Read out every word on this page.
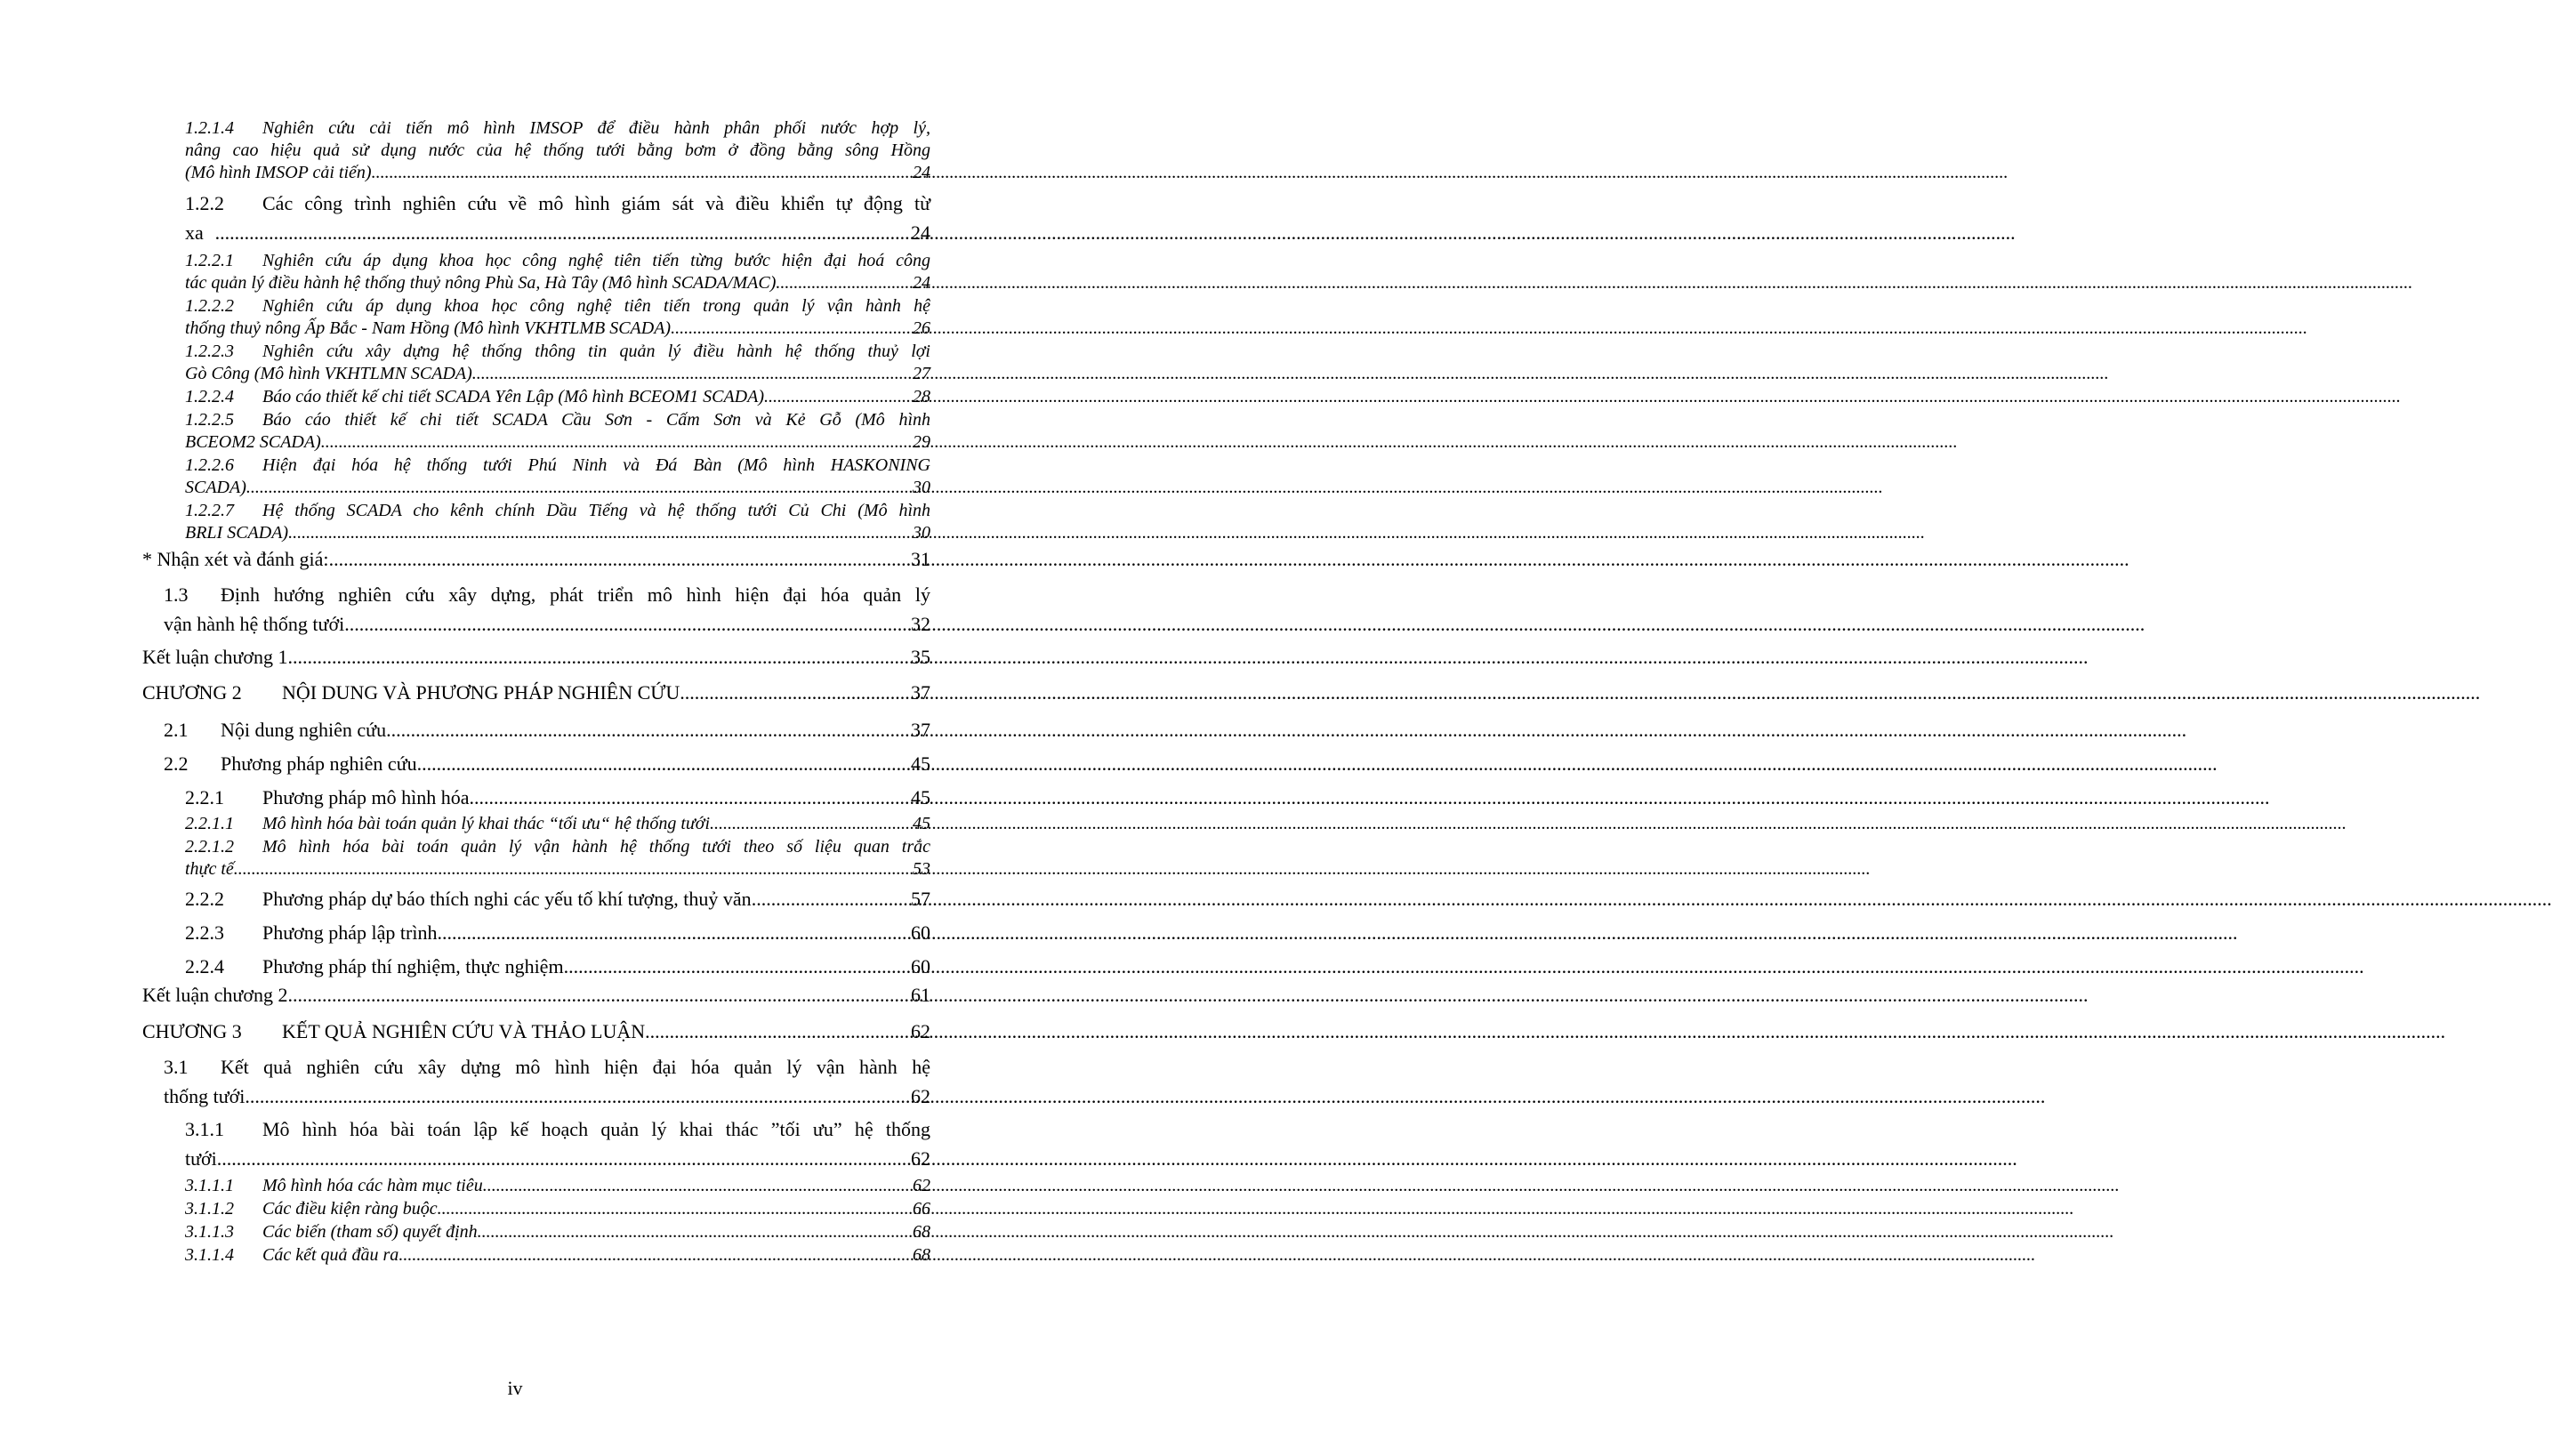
1.2.1.4	Nghiên cứu cải tiến mô hình IMSOP để điều hành phân phối nước hợp lý,
nâng cao hiệu quả sử dụng nước của hệ thống tưới bằng bơm ở đồng bằng sông Hồng
(Mô hình IMSOP cải tiến) .....	24
1.2.2	Các công trình nghiên cứu về mô hình giám sát và điều khiển tự động từ
xa .....	24
1.2.2.1	Nghiên cứu áp dụng khoa học công nghệ tiên tiến từng bước hiện đại hoá công
tác quản lý điều hành hệ thống thuỷ nông Phù Sa, Hà Tây (Mô hình SCADA/MAC) .....	24
1.2.2.2	Nghiên cứu áp dụng khoa học công nghệ tiên tiến trong quản lý vận hành hệ
thống thuỷ nông Ấp Bắc - Nam Hồng (Mô hình VKHTLMB SCADA) .....	26
1.2.2.3	Nghiên cứu xây dựng hệ thống thông tin quản lý điều hành hệ thống thuỷ lợi
Gò Công (Mô hình VKHTLMN SCADA) .....	27
1.2.2.4	Báo cáo thiết kế chi tiết SCADA Yên Lập (Mô hình BCEOM1 SCADA) .....	28
1.2.2.5	Báo cáo thiết kế chi tiết SCADA Cầu Sơn - Cấm Sơn và Kẻ Gỗ (Mô hình
BCEOM2 SCADA) .....	29
1.2.2.6	Hiện đại hóa hệ thống tưới Phú Ninh và Đá Bàn (Mô hình HASKONING
SCADA) .....	30
1.2.2.7	Hệ thống SCADA cho kênh chính Dầu Tiếng và hệ thống tưới Củ Chi (Mô hình
BRLI SCADA) .....	30
* Nhận xét và đánh giá: .....	31
1.3	Định hướng nghiên cứu xây dựng, phát triển mô hình hiện đại hóa quản lý
vận hành hệ thống tưới .....	32
Kết luận chương 1 .....	35
CHƯƠNG 2	NỘI DUNG VÀ PHƯƠNG PHÁP NGHIÊN CỨU .....	37
2.1	Nội dung nghiên cứu .....	37
2.2	Phương pháp nghiên cứu .....	45
2.2.1	Phương pháp mô hình hóa .....	45
2.2.1.1	Mô hình hóa bài toán quản lý khai thác “tối ưu“ hệ thống tưới .....	45
2.2.1.2	Mô hình hóa bài toán quản lý vận hành hệ thống tưới theo số liệu quan trắc
thực tế .....	53
2.2.2	Phương pháp dự báo thích nghi các yếu tố khí tượng, thuỷ văn .....	57
2.2.3	Phương pháp lập trình .....	60
2.2.4	Phương pháp thí nghiệm, thực nghiệm .....	60
Kết luận chương 2 .....	61
CHƯƠNG 3	KẾT QUẢ NGHIÊN CỨU VÀ THẢO LUẬN .....	62
3.1	Kết quả nghiên cứu xây dựng mô hình hiện đại hóa quản lý vận hành hệ
thống tưới .....	62
3.1.1	Mô hình hóa bài toán lập kế hoạch quản lý khai thác ”tối ưu” hệ thống
tưới .....	62
3.1.1.1	Mô hình hóa các hàm mục tiêu .....	62
3.1.1.2	Các điều kiện ràng buộc .....	66
3.1.1.3	Các biến (tham số) quyết định .....	68
3.1.1.4	Các kết quả đầu ra .....	68
iv
